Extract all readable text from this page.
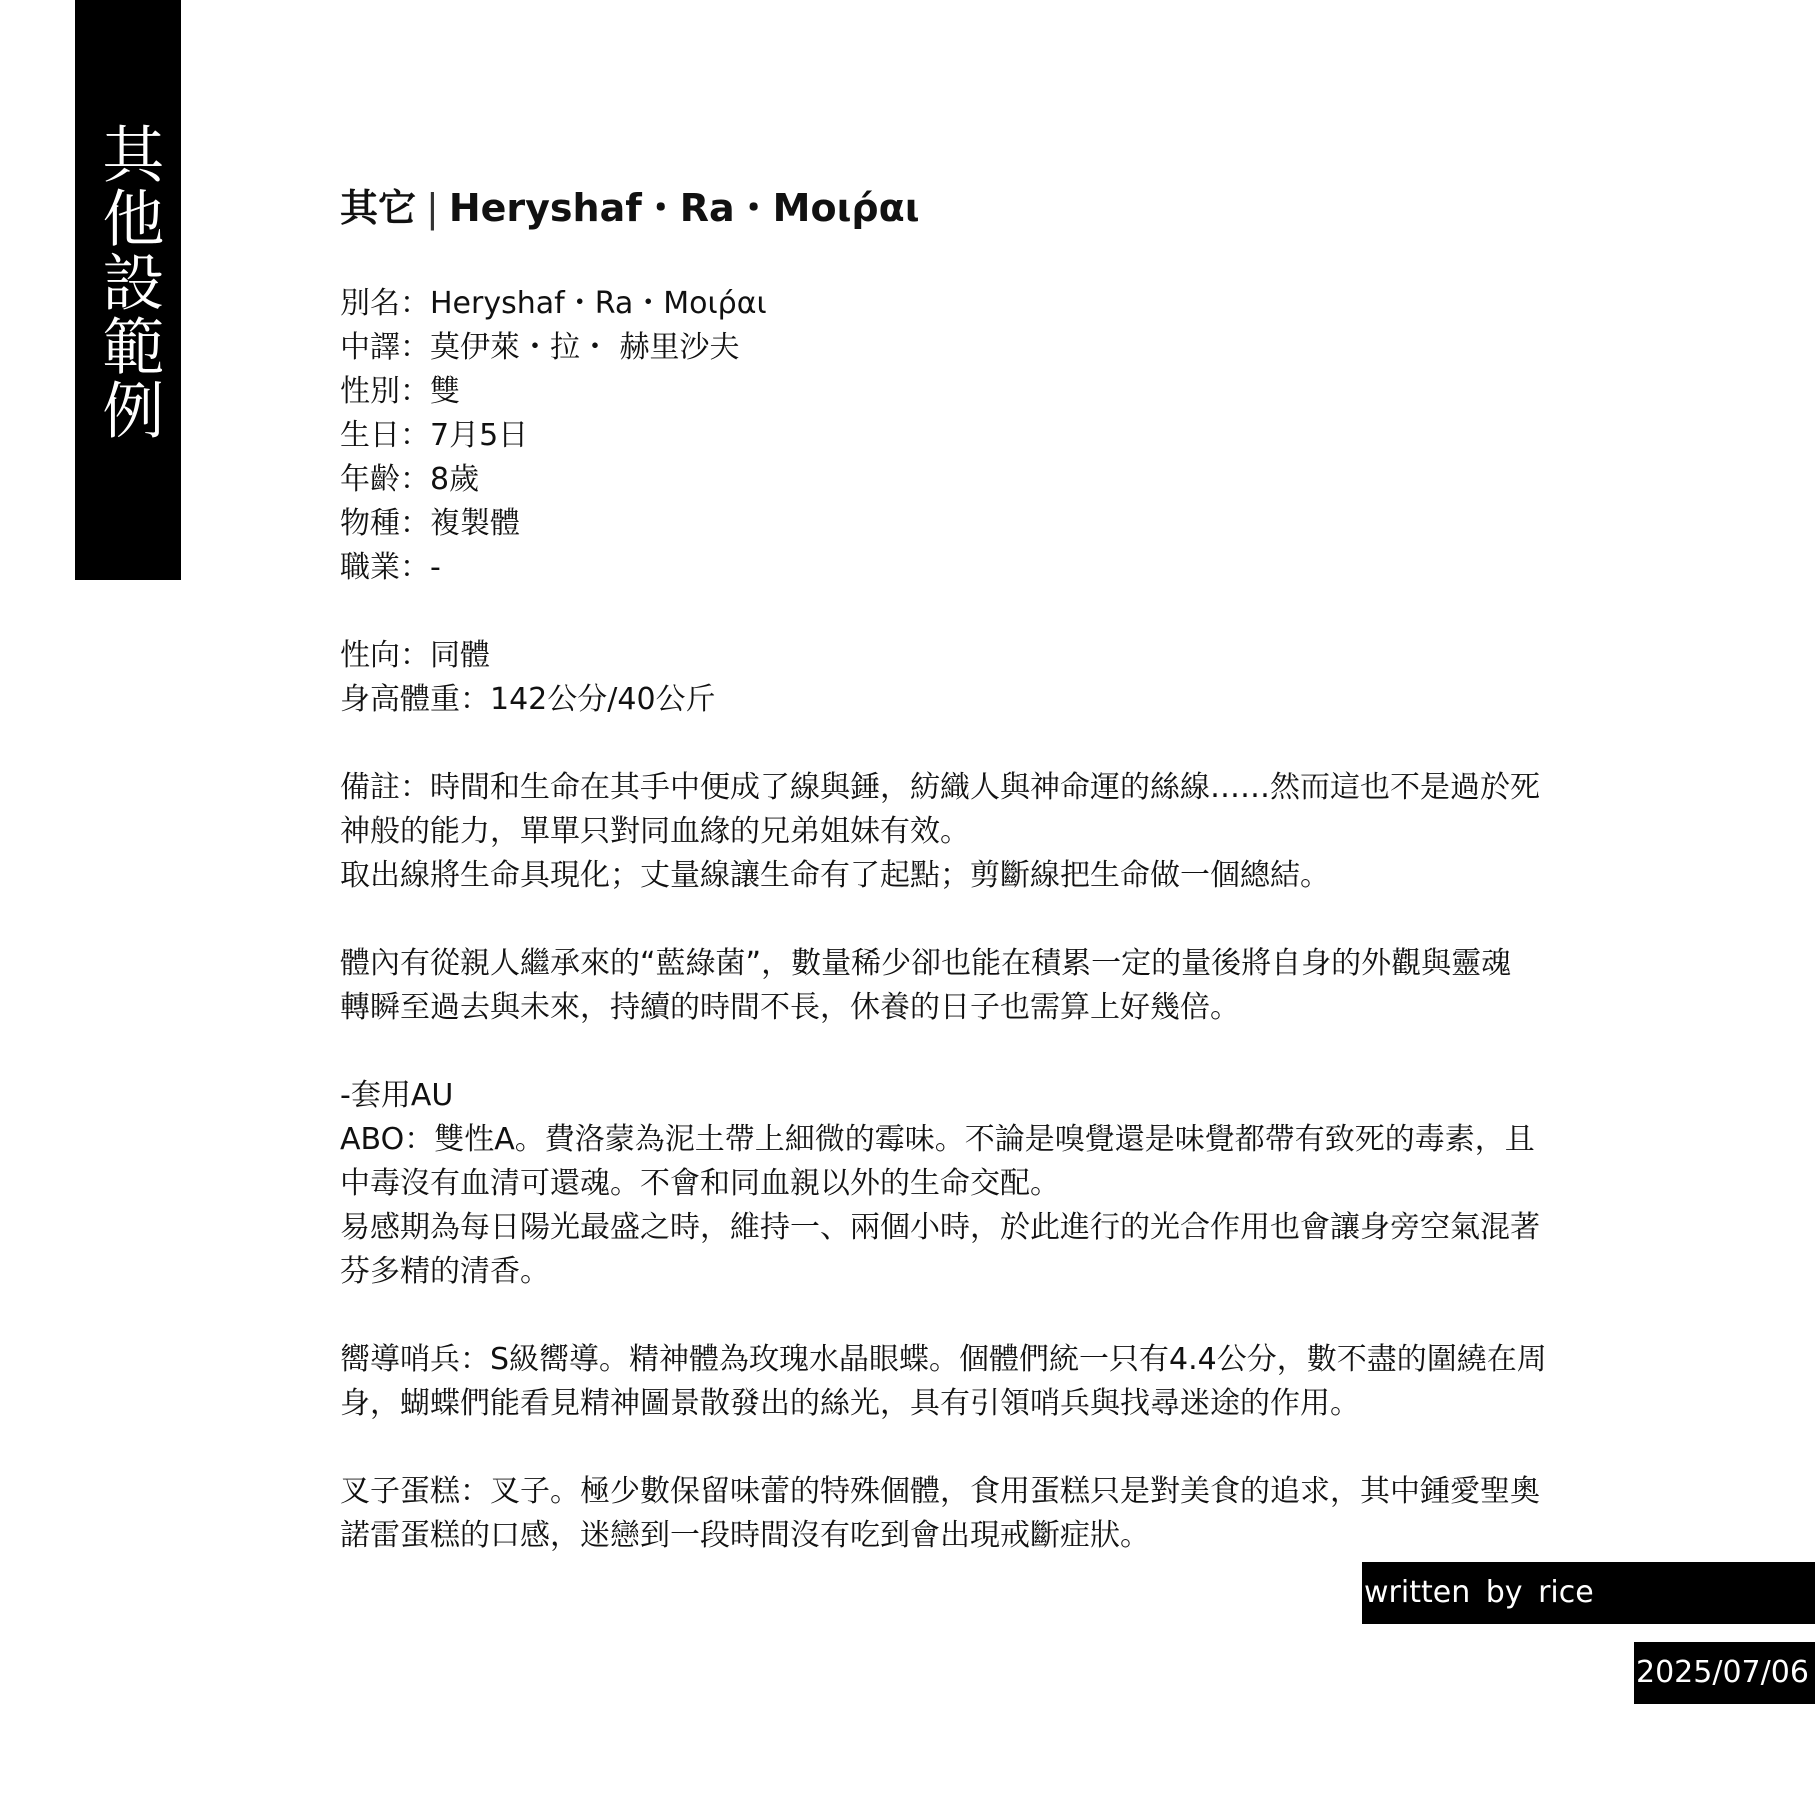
其他設範例	其它 | Heryshaf・Ra・Μοιρ́αι
別名：Heryshaf・Ra・Μοιρ́αι
中譯：莫伊萊・拉・ 赫里沙夫
性別：雙
生日：7月5日
年齡：8歲
物種：複製體
職業：-
性向：同體
身高體重：142公分/40公斤

備註：時間和生命在其手中便成了線與錘，紡織人與神命運的絲線……然而這也不是過於死
神般的能力，單單只對同血緣的兄弟姐妹有效。
取出線將生命具現化；丈量線讓生命有了起點；剪斷線把生命做一個總結。

體內有從親人繼承來的“藍綠菌”，數量稀少卻也能在積累一定的量後將自身的外觀與靈魂
轉瞬至過去與未來，持續的時間不長，休養的日子也需算上好幾倍。

-套用AU
ABO：雙性A。費洛蒙為泥土帶上細微的霉味。不論是嗅覺還是味覺都帶有致死的毒素，且
中毒沒有血清可還魂。不會和同血親以外的生命交配。
易感期為每日陽光最盛之時，維持一、兩個小時，於此進行的光合作用也會讓身旁空氣混著
芬多精的清香。

嚮導哨兵：S級嚮導。精神體為玫瑰水晶眼蝶。個體們統一只有4.4公分，數不盡的圍繞在周
身，蝴蝶們能看見精神圖景散發出的絲光，具有引領哨兵與找尋迷途的作用。

叉子蛋糕：叉子。極少數保留味蕾的特殊個體，食用蛋糕只是對美食的追求，其中鍾愛聖奧
諾雷蛋糕的口感，迷戀到一段時間沒有吃到會出現戒斷症狀。

written by rice
2025/07/06
